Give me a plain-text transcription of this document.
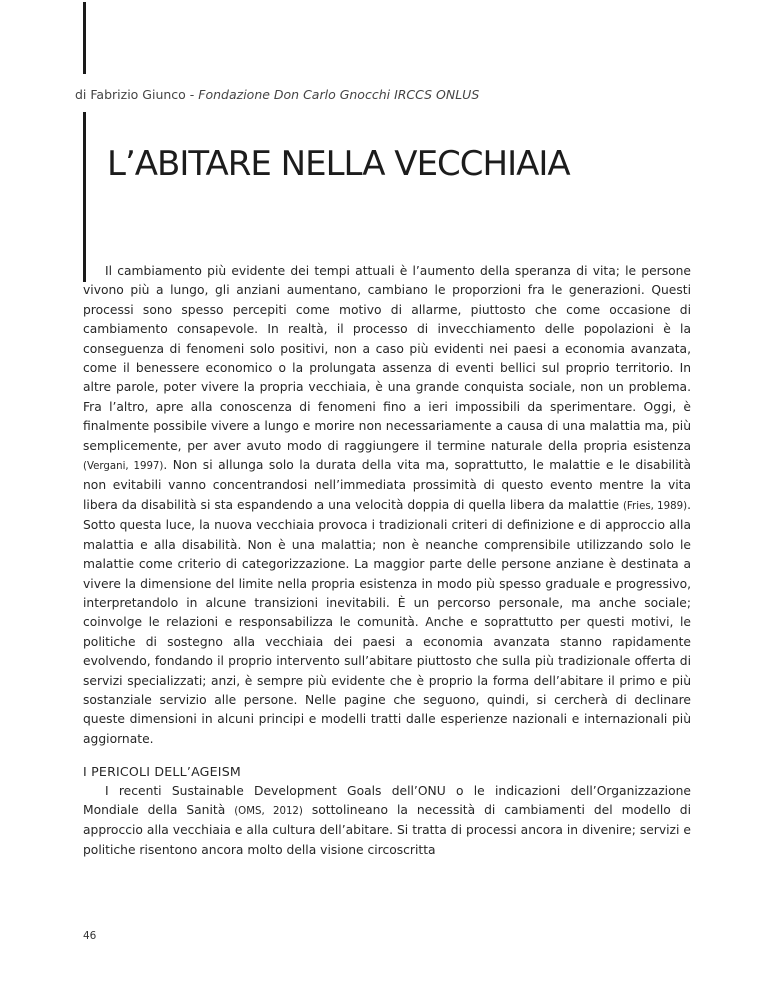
di Fabrizio Giunco - Fondazione Don Carlo Gnocchi IRCCS ONLUS
L’ABITARE NELLA VECCHIAIA

Il cambiamento più evidente dei tempi attuali è l’aumento della speranza di vita; le persone vivono più a lungo, gli anziani aumentano, cambiano le proporzioni fra le generazioni. Questi processi sono spesso percepiti come motivo di allarme, piuttosto che come occasione di cambiamento consapevole. In realtà, il processo di invecchiamento delle popolazioni è la conseguenza di fenomeni solo positivi, non a caso più evidenti nei paesi a economia avanzata, come il benessere economico o la prolungata assenza di eventi bellici sul proprio territorio. In altre parole, poter vivere la propria vecchiaia, è una grande conquista sociale, non un problema. Fra l’altro, apre alla conoscenza di fenomeni fino a ieri impossibili da sperimentare. Oggi, è finalmente possibile vivere a lungo e morire non necessariamente a causa di una malattia ma, più semplicemente, per aver avuto modo di raggiungere il termine naturale della propria esistenza (Vergani, 1997). Non si allunga solo la durata della vita ma, soprattutto, le malattie e le disabilità non evitabili vanno concentrandosi nell’immediata prossimità di questo evento mentre la vita libera da disabilità si sta espandendo a una velocità doppia di quella libera da malattie (Fries, 1989). Sotto questa luce, la nuova vecchiaia provoca i tradizionali criteri di definizione e di approccio alla malattia e alla disabilità. Non è una malattia; non è neanche comprensibile utilizzando solo le malattie come criterio di categorizzazione. La maggior parte delle persone anziane è destinata a vivere la dimensione del limite nella propria esistenza in modo più spesso graduale e progressivo, interpretandolo in alcune transizioni inevitabili. È un percorso personale, ma anche sociale; coinvolge le relazioni e responsabilizza le comunità. Anche e soprattutto per questi motivi, le politiche di sostegno alla vecchiaia dei paesi a economia avanzata stanno rapidamente evolvendo, fondando il proprio intervento sull’abitare piuttosto che sulla più tradizionale offerta di servizi specializzati; anzi, è sempre più evidente che è proprio la forma dell’abitare il primo e più sostanziale servizio alle persone. Nelle pagine che seguono, quindi, si cercherà di declinare queste dimensioni in alcuni principi e modelli tratti dalle esperienze nazionali e internazionali più aggiornate.

I PERICOLI DELL’AGEISM

I recenti Sustainable Development Goals dell’ONU o le indicazioni dell’Organizzazione Mondiale della Sanità (OMS, 2012) sottolineano la necessità di cambiamenti del modello di approccio alla vecchiaia e alla cultura dell’abitare. Si tratta di processi ancora in divenire; servizi e politiche risentono ancora molto della visione circoscritta

46
